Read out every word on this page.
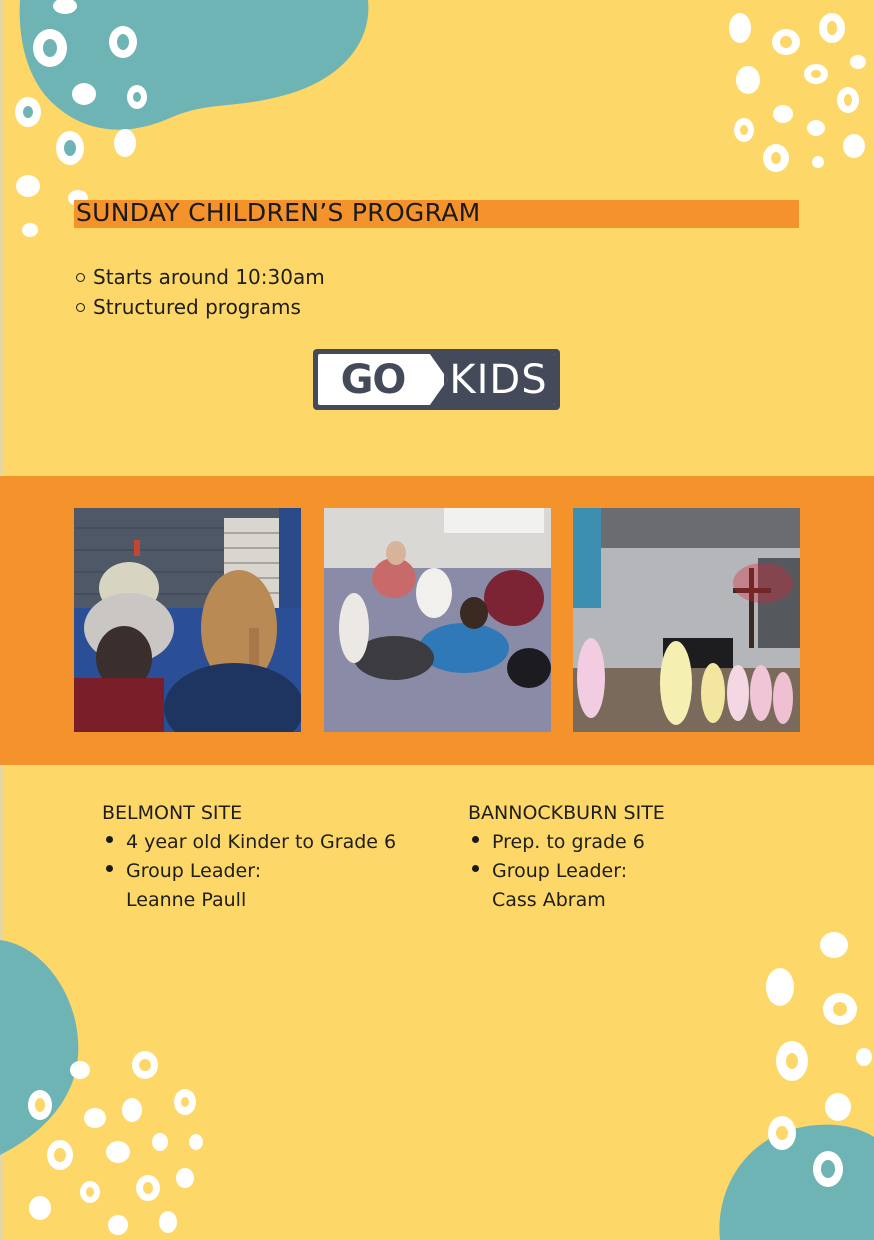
SUNDAY CHILDREN’S PROGRAM
Starts around 10:30am
Structured programs
GO	KIDS
BELMONT SITE
4 year old Kinder to Grade 6
Group Leader:
Leanne Paull
BANNOCKBURN SITE
Prep. to grade 6
Group Leader:
Cass Abram
